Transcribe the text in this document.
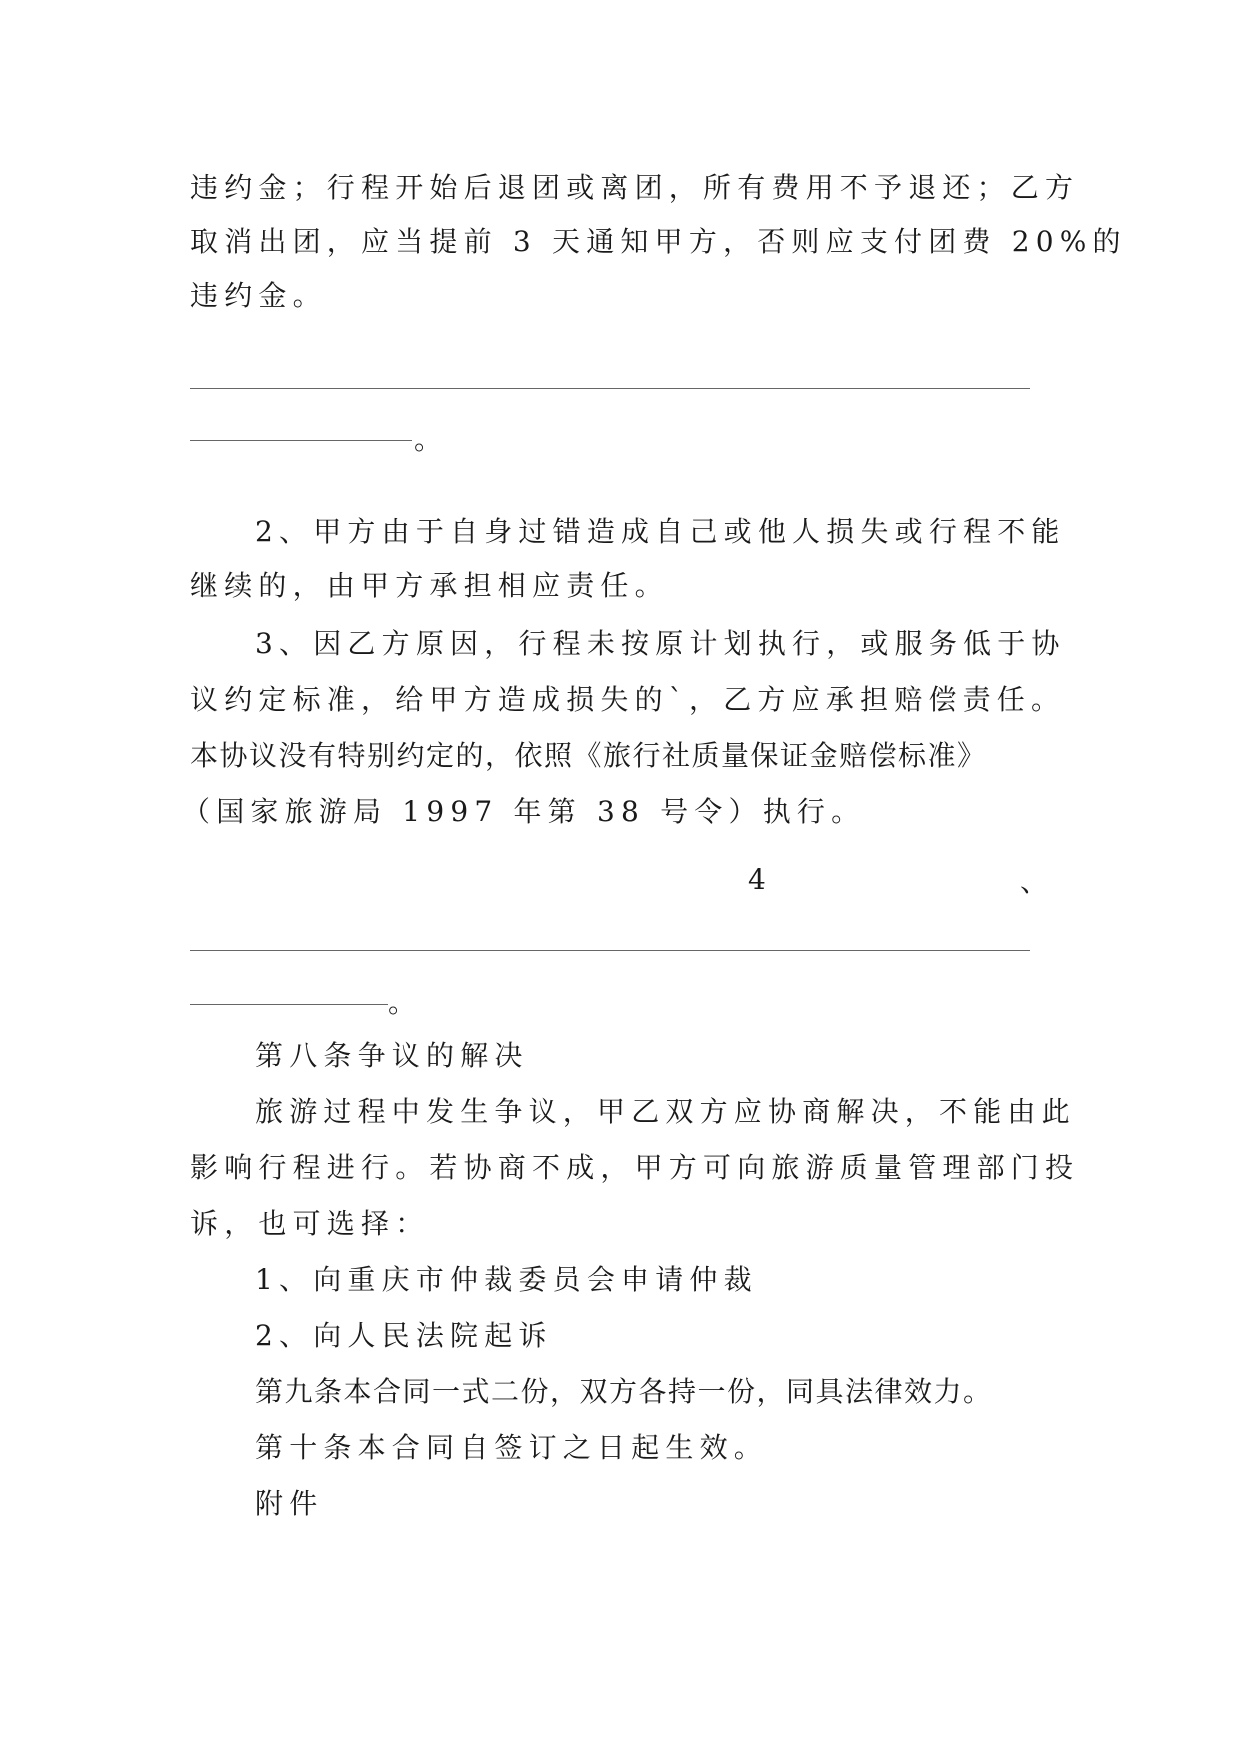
违约金；行程开始后退团或离团，所有费用不予退还；乙方
取消出团，应当提前 3 天通知甲方，否则应支付团费 20%的
违约金。
。
2、甲方由于自身过错造成自己或他人损失或行程不能
继续的，由甲方承担相应责任。
3、因乙方原因，行程未按原计划执行，或服务低于协
议约定标准，给甲方造成损失的`，乙方应承担赔偿责任。
本协议没有特别约定的，依照《旅行社质量保证金赔偿标准》
（国家旅游局 1997 年第 38 号令）执行。
4	、
。
第八条争议的解决
旅游过程中发生争议，甲乙双方应协商解决，不能由此
影响行程进行。若协商不成，甲方可向旅游质量管理部门投
诉，也可选择：
1、向重庆市仲裁委员会申请仲裁
2、向人民法院起诉
第九条本合同一式二份，双方各持一份，同具法律效力。
第十条本合同自签订之日起生效。
附件
